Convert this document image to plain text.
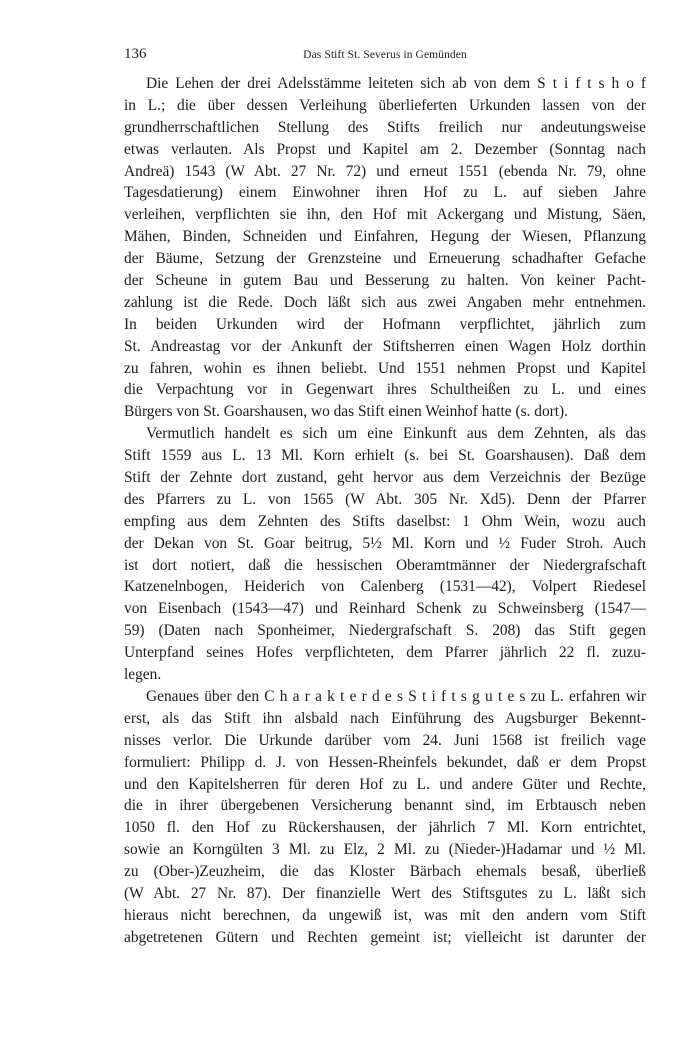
136	Das Stift St. Severus in Gemünden
Die Lehen der drei Adelsstämme leiteten sich ab von dem S t i f t s h o f
in L.; die über dessen Verleihung überlieferten Urkunden lassen von der
grundherrschaftlichen Stellung des Stifts freilich nur andeutungsweise
etwas verlauten. Als Propst und Kapitel am 2. Dezember (Sonntag nach
Andreä) 1543 (W Abt. 27 Nr. 72) und erneut 1551 (ebenda Nr. 79, ohne
Tagesdatierung) einem Einwohner ihren Hof zu L. auf sieben Jahre
verleihen, verpflichten sie ihn, den Hof mit Ackergang und Mistung, Säen,
Mähen, Binden, Schneiden und Einfahren, Hegung der Wiesen, Pflanzung
der Bäume, Setzung der Grenzsteine und Erneuerung schadhafter Gefache
der Scheune in gutem Bau und Besserung zu halten. Von keiner Pacht-
zahlung ist die Rede. Doch läßt sich aus zwei Angaben mehr entnehmen.
In beiden Urkunden wird der Hofmann verpflichtet, jährlich zum
St. Andreastag vor der Ankunft der Stiftsherren einen Wagen Holz dorthin
zu fahren, wohin es ihnen beliebt. Und 1551 nehmen Propst und Kapitel
die Verpachtung vor in Gegenwart ihres Schultheißen zu L. und eines
Bürgers von St. Goarshausen, wo das Stift einen Weinhof hatte (s. dort).
Vermutlich handelt es sich um eine Einkunft aus dem Zehnten, als das
Stift 1559 aus L. 13 Ml. Korn erhielt (s. bei St. Goarshausen). Daß dem
Stift der Zehnte dort zustand, geht hervor aus dem Verzeichnis der Bezüge
des Pfarrers zu L. von 1565 (W Abt. 305 Nr. Xd5). Denn der Pfarrer
empfing aus dem Zehnten des Stifts daselbst: 1 Ohm Wein, wozu auch
der Dekan von St. Goar beitrug, 5½ Ml. Korn und ½ Fuder Stroh. Auch
ist dort notiert, daß die hessischen Oberamtmänner der Niedergrafschaft
Katzenelnbogen, Heiderich von Calenberg (1531—42), Volpert Riedesel
von Eisenbach (1543—47) und Reinhard Schenk zu Schweinsberg (1547—
59) (Daten nach Sponheimer, Niedergrafschaft S. 208) das Stift gegen
Unterpfand seines Hofes verpflichteten, dem Pfarrer jährlich 22 fl. zuzu-
legen.
Genaues über den C h a r a k t e r d e s S t i f t s g u t e s zu L. erfahren wir
erst, als das Stift ihn alsbald nach Einführung des Augsburger Bekennt-
nisses verlor. Die Urkunde darüber vom 24. Juni 1568 ist freilich vage
formuliert: Philipp d. J. von Hessen-Rheinfels bekundet, daß er dem Propst
und den Kapitelsherren für deren Hof zu L. und andere Güter und Rechte,
die in ihrer übergebenen Versicherung benannt sind, im Erbtausch neben
1050 fl. den Hof zu Rückershausen, der jährlich 7 Ml. Korn entrichtet,
sowie an Korngülten 3 Ml. zu Elz, 2 Ml. zu (Nieder-)Hadamar und ½ Ml.
zu (Ober-)Zeuzheim, die das Kloster Bärbach ehemals besaß, überließ
(W Abt. 27 Nr. 87). Der finanzielle Wert des Stiftsgutes zu L. läßt sich
hieraus nicht berechnen, da ungewiß ist, was mit den andern vom Stift
abgetretenen Gütern und Rechten gemeint ist; vielleicht ist darunter der
